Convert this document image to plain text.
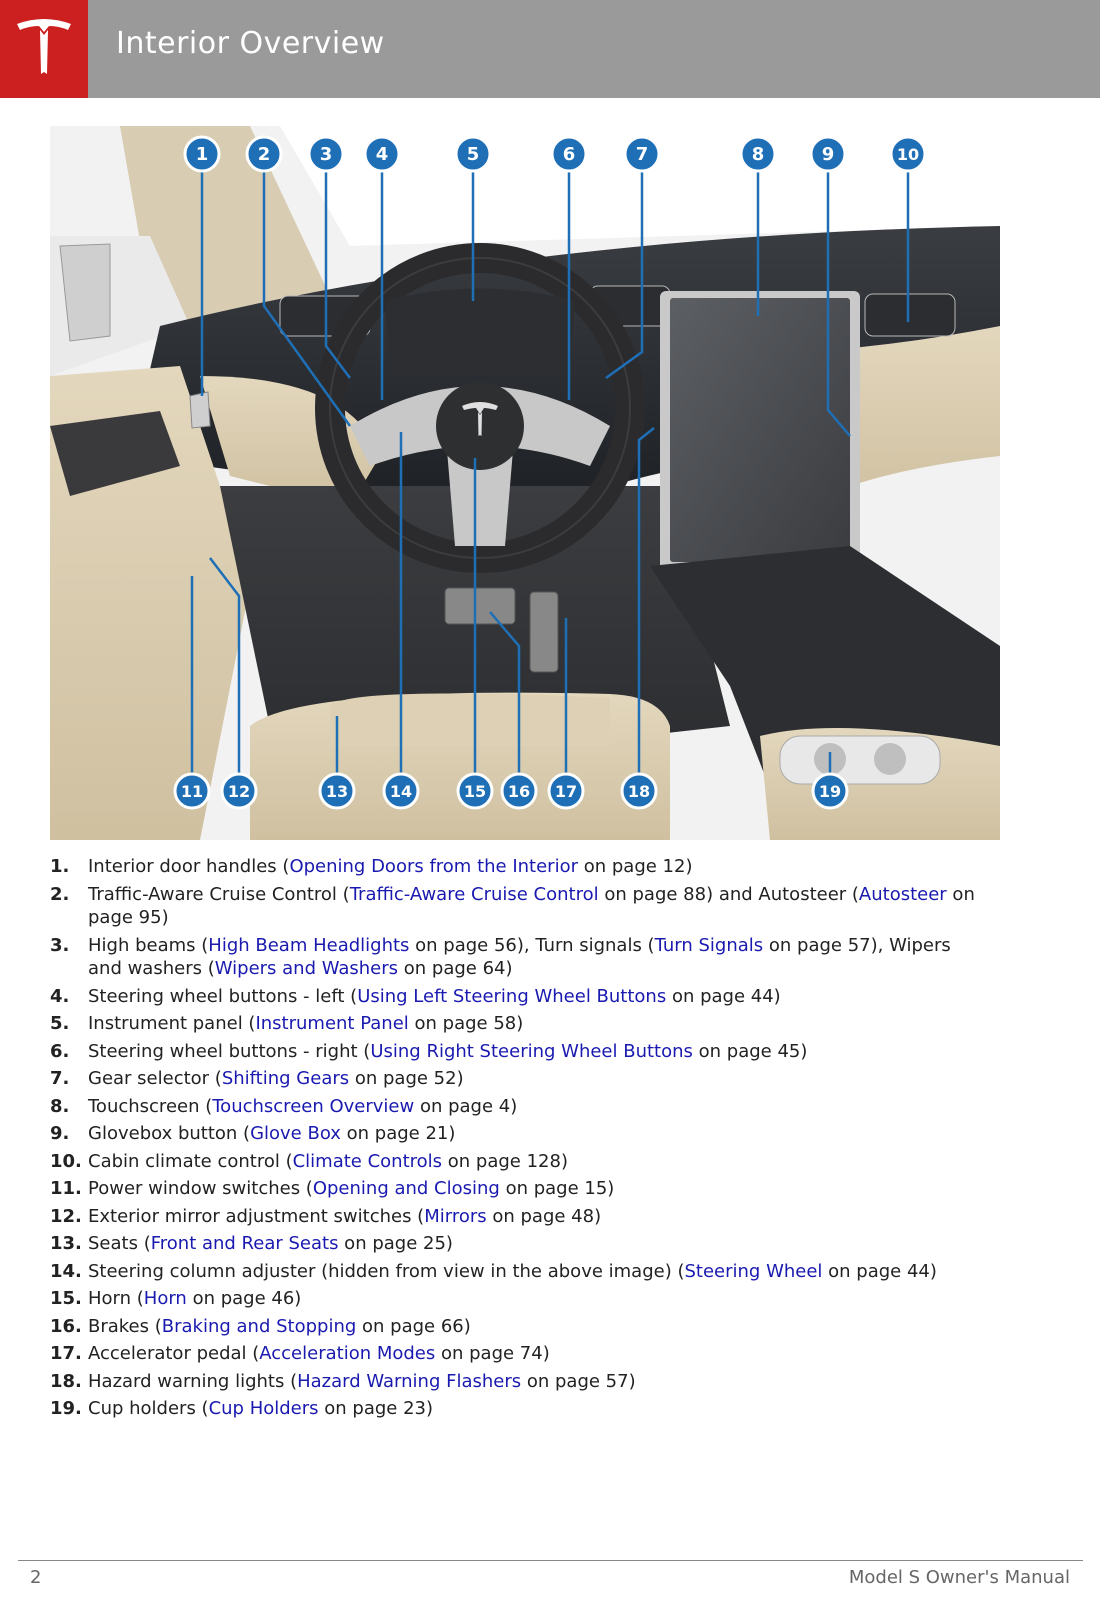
Interior Overview
1	2	3 4	5	6	7	8	9	10
11 12	13	14	15 16 17	18	19
1.	Interior door handles (Opening Doors from the Interior on page 12)
2.	Traffic-Aware Cruise Control (Traffic-Aware Cruise Control on page 88) and Autosteer (Autosteer on page 95)
3.	High beams (High Beam Headlights on page 56), Turn signals (Turn Signals on page 57), Wipers and washers (Wipers and Washers on page 64)
4.	Steering wheel buttons - left (Using Left Steering Wheel Buttons on page 44)
5.	Instrument panel (Instrument Panel on page 58)
6.	Steering wheel buttons - right (Using Right Steering Wheel Buttons on page 45)
7.	Gear selector (Shifting Gears on page 52)
8.	Touchscreen (Touchscreen Overview on page 4)
9.	Glovebox button (Glove Box on page 21)
10. Cabin climate control (Climate Controls on page 128)
11. Power window switches (Opening and Closing on page 15)
12. Exterior mirror adjustment switches (Mirrors on page 48)
13. Seats (Front and Rear Seats on page 25)
14. Steering column adjuster (hidden from view in the above image) (Steering Wheel on page 44)
15. Horn (Horn on page 46)
16. Brakes (Braking and Stopping on page 66)
17. Accelerator pedal (Acceleration Modes on page 74)
18. Hazard warning lights (Hazard Warning Flashers on page 57)
19. Cup holders (Cup Holders on page 23)
2	Model S Owner's Manual
